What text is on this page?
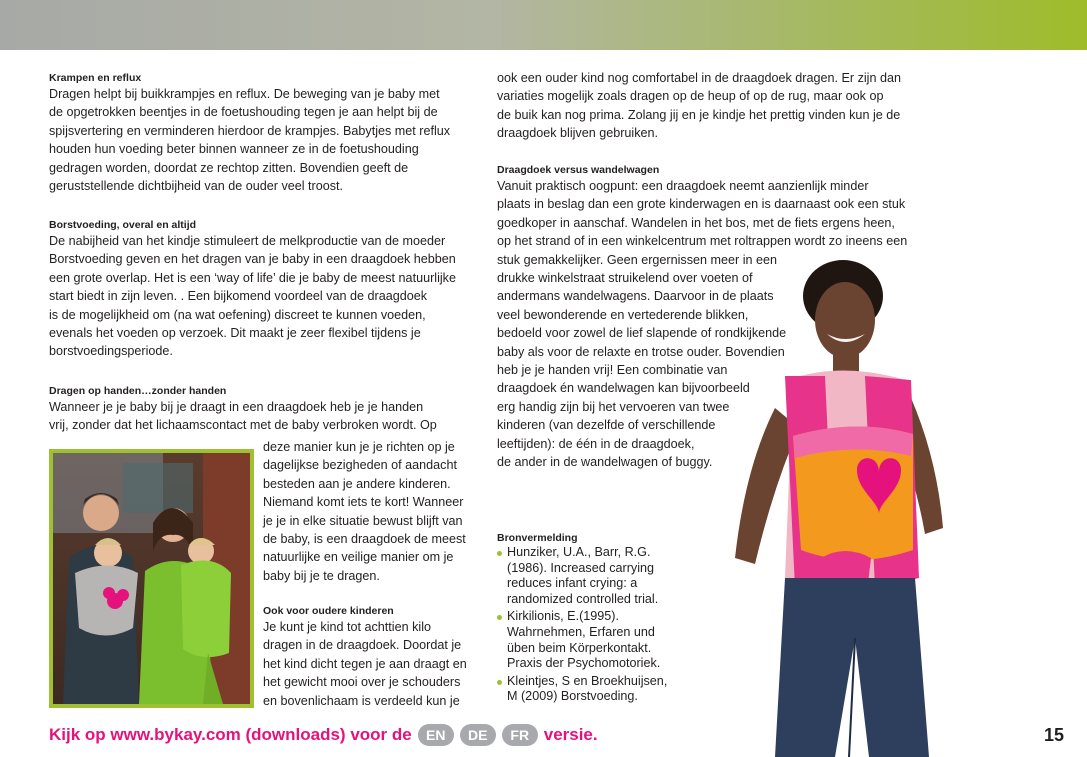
Krampen en reflux
Dragen helpt bij buikkrampjes en reflux. De beweging van je baby met
de opgetrokken beentjes in de foetushouding tegen je aan helpt bij de
spijsvertering en verminderen hierdoor de krampjes. Babytjes met reflux
houden hun voeding beter binnen wanneer ze in de foetushouding
gedragen worden, doordat ze rechtop zitten. Bovendien geeft de
geruststellende dichtbijheid van de ouder veel troost.
Borstvoeding, overal en altijd
De nabijheid van het kindje stimuleert de melkproductie van de moeder
Borstvoeding geven en het dragen van je baby in een draagdoek hebben
een grote overlap. Het is een ‘way of life’ die je baby de meest natuurlijke
start biedt in zijn leven. . Een bijkomend voordeel van de draagdoek
is de mogelijkheid om (na wat oefening) discreet te kunnen voeden,
evenals het voeden op verzoek. Dit maakt je zeer flexibel tijdens je
borstvoedingsperiode.
Dragen op handen…zonder handen
Wanneer je je baby bij je draagt in een draagdoek heb je je handen
vrij, zonder dat het lichaamscontact met de baby verbroken wordt. Op
deze manier kun je je richten op je
dagelijkse bezigheden of aandacht
besteden aan je andere kinderen.
Niemand komt iets te kort! Wanneer
je je in elke situatie bewust blijft van
de baby, is een draagdoek de meest
natuurlijke en veilige manier om je
baby bij je te dragen.
Ook voor oudere kinderen
Je kunt je kind tot achttien kilo
dragen in de draagdoek. Doordat je
het kind dicht tegen je aan draagt en
het gewicht mooi over je schouders
en bovenlichaam is verdeeld kun je
ook een ouder kind nog comfortabel in de draagdoek dragen. Er zijn dan
variaties mogelijk zoals dragen op de heup of op de rug, maar ook op
de buik kan nog prima. Zolang jij en je kindje het prettig vinden kun je de
draagdoek blijven gebruiken.
Draagdoek versus wandelwagen
Vanuit praktisch oogpunt: een draagdoek neemt aanzienlijk minder
plaats in beslag dan een grote kinderwagen en is daarnaast ook een stuk
goedkoper in aanschaf. Wandelen in het bos, met de fiets ergens heen,
op het strand of in een winkelcentrum met roltrappen wordt zo ineens een
stuk gemakkelijker. Geen ergernissen meer in een
drukke winkelstraat struikelend over voeten of
andermans wandelwagens. Daarvoor in de plaats
veel bewonderende en vertederende blikken,
bedoeld voor zowel de lief slapende of rondkijkende
baby als voor de relaxte en trotse ouder. Bovendien
heb je je handen vrij! Een combinatie van
draagdoek én wandelwagen kan bijvoorbeeld
erg handig zijn bij het vervoeren van twee
kinderen (van dezelfde of verschillende
leeftijden): de één in de draagdoek,
de ander in de wandelwagen of buggy.
Bronvermelding
Hunziker, U.A., Barr, R.G.
(1986). Increased carrying
reduces infant crying: a
randomized controlled trial.
Kirkilionis, E.(1995).
Wahrnehmen, Erfaren und
üben beim Körperkontakt.
Praxis der Psychomotoriek.
Kleintjes, S en Broekhuijsen,
M (2009) Borstvoeding.
Kijk op www.bykay.com (downloads) voor de	EN	DE	FR versie.	15
